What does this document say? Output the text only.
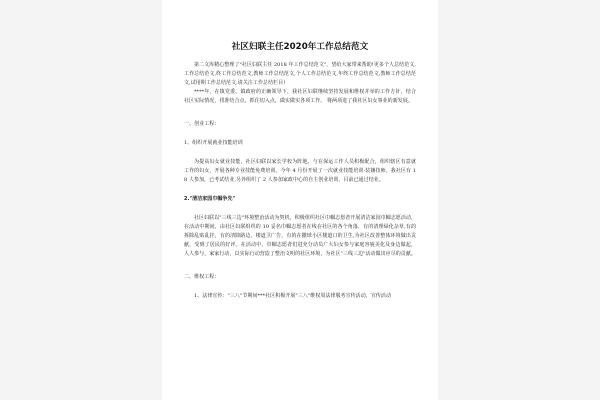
社区妇联主任2020年工作总结范文

第二文库精心整理了"社区妇联主任 2018 年工作总结范文"，望给大家带来帮助!更多个人总结范文,工作总结范文,终工作总结范文,教师工作总结范文,个人工作总结范文,年终工作总结范文,教师工作总结范文,试用期工作总结范文,请关注工作总结栏目!

****年，在镇党委、镇政府的正确领导下，我社区妇联继续坚持发展和维权并举的工作方针，结合社区实际情况，找准结合点，抓住切入点，做实做实各项工作。 将两项进了我社区妇女事业的新发展。

一、创业工程：

1、组织开展就业技能培训

为提高妇女就业技能，社区妇联以家长学校为阵地，与在保运工作人员积极配合，组织辖区有意就工作的妇女，开展各种专业技能免费培训。今年 4 月份开展了一次就业技能培训-装镶技师。我社区有 18 人参加，已考试结业,另外组织了 2 人参加家政中心的自主创业培训，目前已通过结业。

2."清洁家园巾帼争先"

社区妇联以"三线三边"环境整治活动为契机，积极组织社区巾帼志愿者开展清洁家园巾帼志愿活动，在活动中期间，由社区妇联组织的 10 妥名巾帼志愿者在线在社区的各个角落，有的清理绿化杂草,有的拆除乱贴乱挂，有的清除路边、楼道卫广告，有的在撒球小区楼道口的卫生,为社区改善整体环境做出贡献，受到了居民的好评。在活动中，巾帼志愿者们进充分动员广大妇女参与家庭容貌美化及身边做起，人人参与，家家行动，以实际行动营造了整治文明的社区环境，为社区"三线三边"活动做出应尽的贡献。

二、维权工程：

1、法律宣传："三八"节期间***社区积极开展"三八"维权周法律服务宣传活动，宣传活动
